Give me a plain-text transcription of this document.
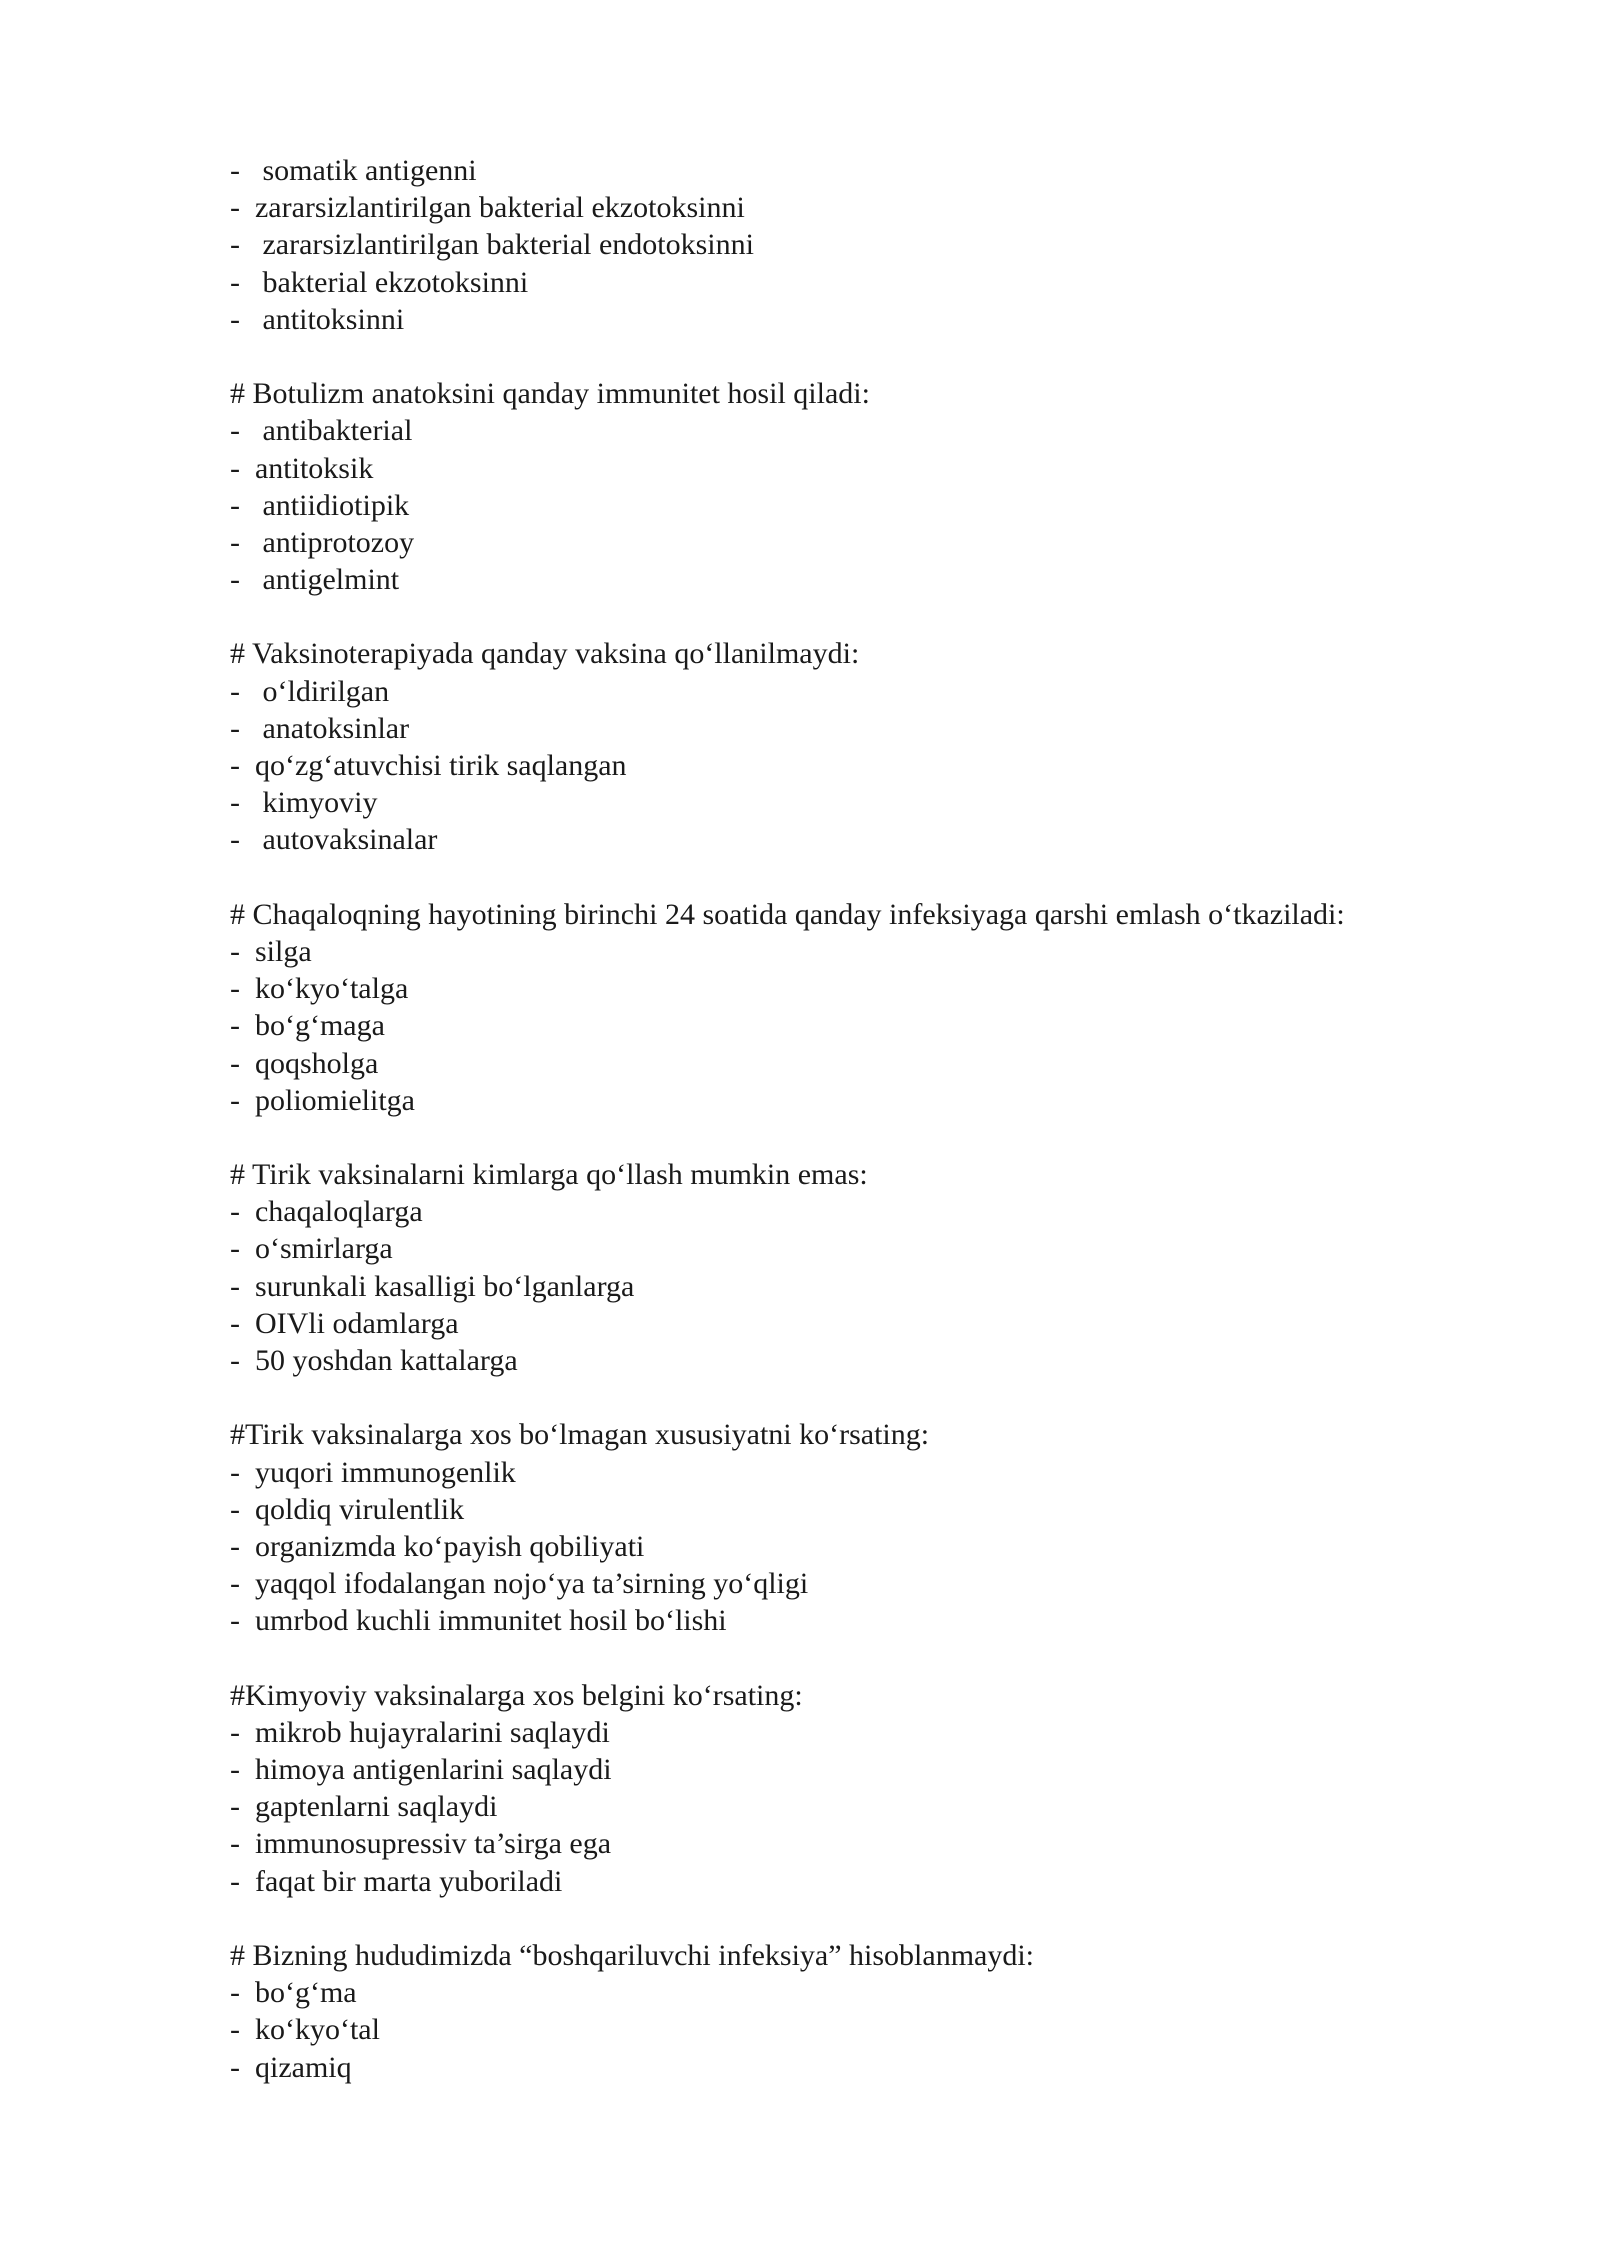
-   somatik antigenni
-  zararsizlantirilgan bakterial ekzotoksinni
-   zararsizlantirilgan bakterial endotoksinni
-   bakterial ekzotoksinni
-   antitoksinni
# Botulizm anatoksini qanday immunitet hosil qiladi:
-   antibakterial
-  antitoksik
-   antiidiotipik
-   antiprotozoy
-   antigelmint
# Vaksinoterapiyada qanday vaksina qo‘llanilmaydi:
-   o‘ldirilgan
-   anatoksinlar
-  qo‘zg‘atuvchisi tirik saqlangan
-   kimyoviy
-   autovaksinalar
# Chaqaloqning hayotining birinchi 24 soatida qanday infeksiyaga qarshi emlash o‘tkaziladi:
-  silga
-  ko‘kyo‘talga
-  bo‘g‘maga
-  qoqsholga
-  poliomielitga
# Tirik vaksinalarni kimlarga qo‘llash mumkin emas:
-  chaqaloqlarga
-  o‘smirlarga
-  surunkali kasalligi bo‘lganlarga
-  OIVli odamlarga
-  50 yoshdan kattalarga
#Tirik vaksinalarga xos bo‘lmagan xususiyatni ko‘rsating:
-  yuqori immunogenlik
-  qoldiq virulentlik
-  organizmda ko‘payish qobiliyati
-  yaqqol ifodalangan nojo‘ya ta’sirning yo‘qligi
-  umrbod kuchli immunitet hosil bo‘lishi
#Kimyoviy vaksinalarga xos belgini ko‘rsating:
-  mikrob hujayralarini saqlaydi
-  himoya antigenlarini saqlaydi
-  gaptenlarni saqlaydi
-  immunosupressiv ta’sirga ega
-  faqat bir marta yuboriladi
# Bizning hududimizda “boshqariluvchi infeksiya” hisoblanmaydi:
-  bo‘g‘ma
-  ko‘kyo‘tal
-  qizamiq
